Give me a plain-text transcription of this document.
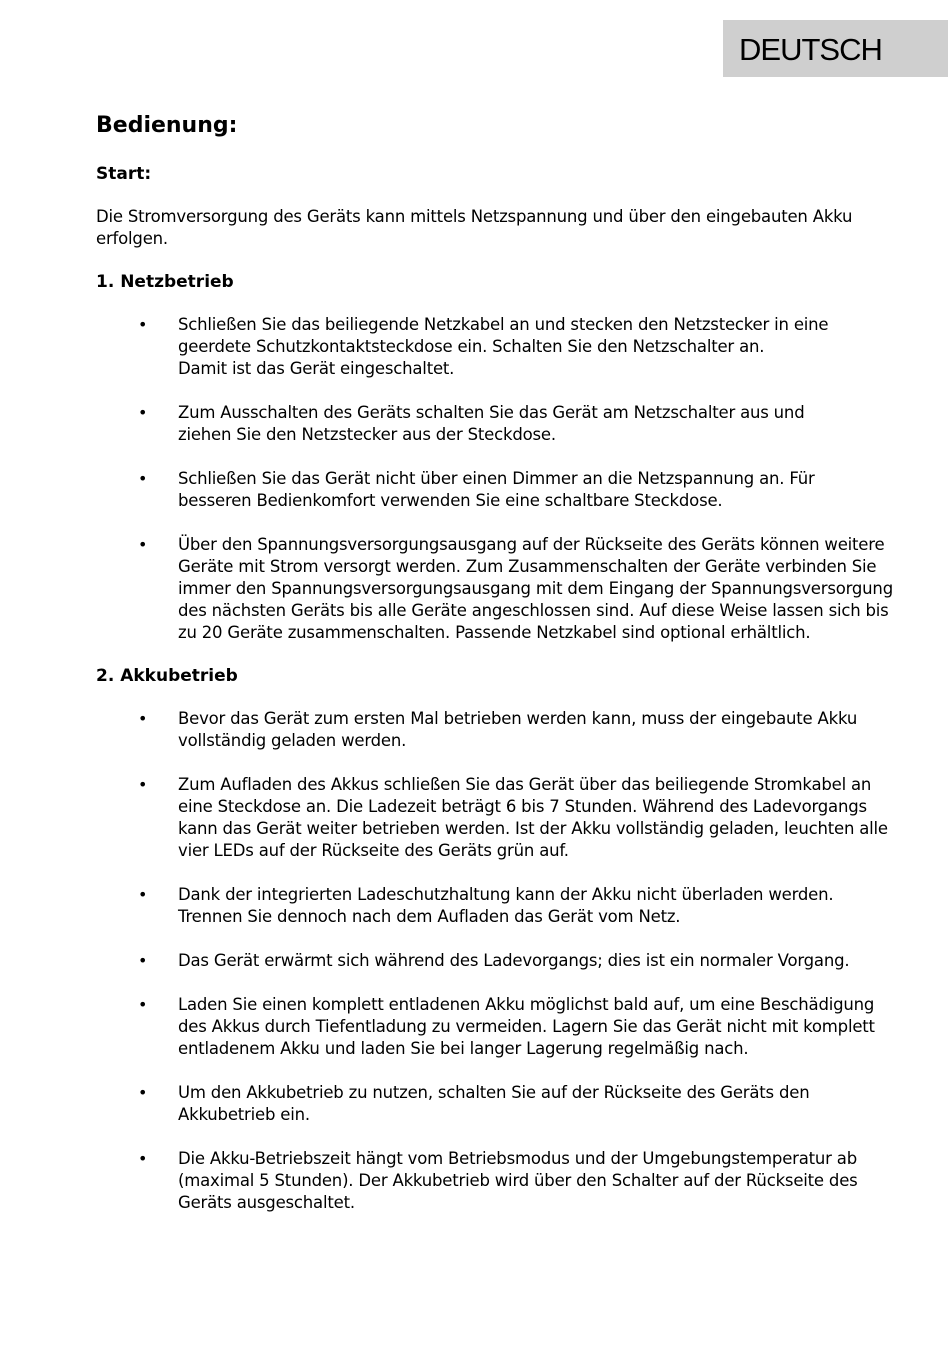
DEUTSCH
Bedienung:
Start:
Die Stromversorgung des Geräts kann mittels Netzspannung und über den eingebauten Akku
erfolgen.
1. Netzbetrieb
• Schließen Sie das beiliegende Netzkabel an und stecken den Netzstecker in eine
geerdete Schutzkontaktsteckdose ein. Schalten Sie den Netzschalter an.
Damit ist das Gerät eingeschaltet.
• Zum Ausschalten des Geräts schalten Sie das Gerät am Netzschalter aus und
ziehen Sie den Netzstecker aus der Steckdose.
• Schließen Sie das Gerät nicht über einen Dimmer an die Netzspannung an. Für
besseren Bedienkomfort verwenden Sie eine schaltbare Steckdose.
• Über den Spannungsversorgungsausgang auf der Rückseite des Geräts können weitere
Geräte mit Strom versorgt werden. Zum Zusammenschalten der Geräte verbinden Sie
immer den Spannungsversorgungsausgang mit dem Eingang der Spannungsversorgung
des nächsten Geräts bis alle Geräte angeschlossen sind. Auf diese Weise lassen sich bis
zu 20 Geräte zusammenschalten. Passende Netzkabel sind optional erhältlich.
2. Akkubetrieb
• Bevor das Gerät zum ersten Mal betrieben werden kann, muss der eingebaute Akku
vollständig geladen werden.
• Zum Aufladen des Akkus schließen Sie das Gerät über das beiliegende Stromkabel an
eine Steckdose an. Die Ladezeit beträgt 6 bis 7 Stunden. Während des Ladevorgangs
kann das Gerät weiter betrieben werden. Ist der Akku vollständig geladen, leuchten alle
vier LEDs auf der Rückseite des Geräts grün auf.
• Dank der integrierten Ladeschutzhaltung kann der Akku nicht überladen werden.
Trennen Sie dennoch nach dem Aufladen das Gerät vom Netz.
• Das Gerät erwärmt sich während des Ladevorgangs; dies ist ein normaler Vorgang.
• Laden Sie einen komplett entladenen Akku möglichst bald auf, um eine Beschädigung
des Akkus durch Tiefentladung zu vermeiden. Lagern Sie das Gerät nicht mit komplett
entladenem Akku und laden Sie bei langer Lagerung regelmäßig nach.
• Um den Akkubetrieb zu nutzen, schalten Sie auf der Rückseite des Geräts den
Akkubetrieb ein.
• Die Akku-Betriebszeit hängt vom Betriebsmodus und der Umgebungstemperatur ab
(maximal 5 Stunden). Der Akkubetrieb wird über den Schalter auf der Rückseite des
Geräts ausgeschaltet.
